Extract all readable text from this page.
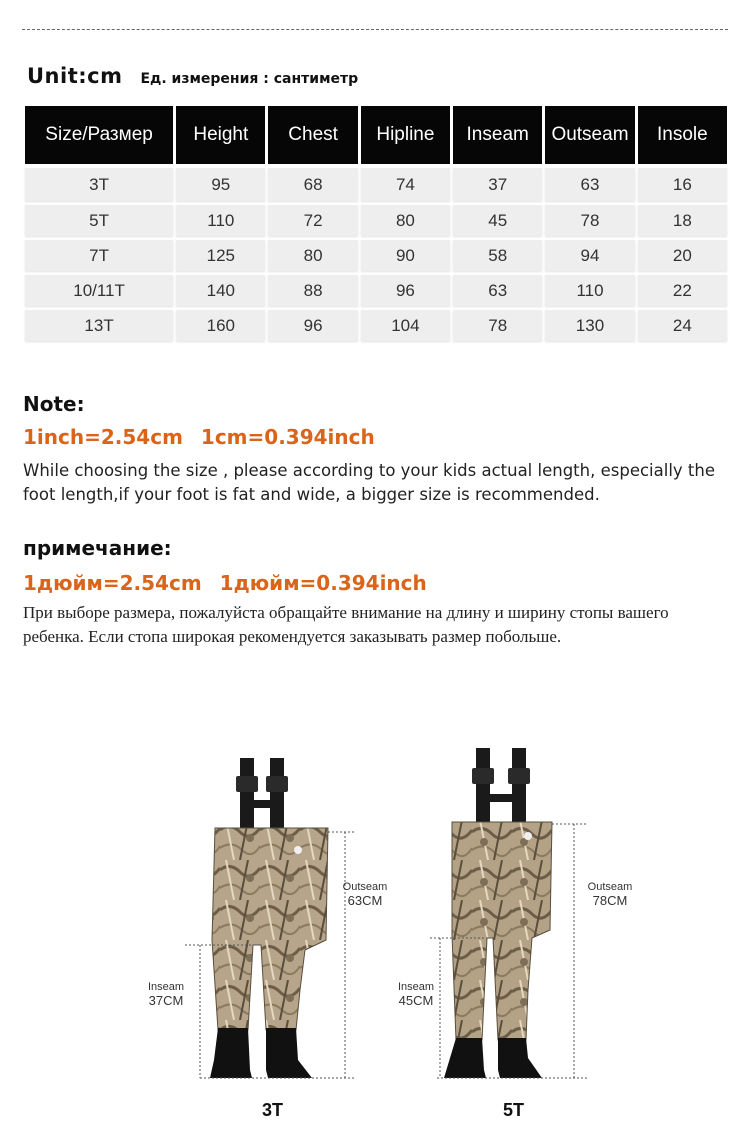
Unit:cm Ед. измерения : сантиметр
Size/Размер	Height	Chest	Hipline	Inseam	Outseam	Insole
3T	95	68	74	37	63	16
5T	110	72	80	45	78	18
7T	125	80	90	58	94	20
10/11T	140	88	96	63	110	22
13T	160	96	104	78	130	24
Note:
1inch=2.54cm 1cm=0.394inch
While choosing the size , please according to your kids actual length, especially the foot length,if your foot is fat and wide, a bigger size is recommended.
примечание:
1дюйм=2.54cm 1дюйм=0.394inch
При выборе размера, пожалуйста обращайте внимание на длину и ширину стопы вашего ребенка. Если стопа широкая рекомендуется заказывать размер побольше.
Outseam
63CM
Inseam
37CM
3T
Outseam
78CM
Inseam
45CM
5T
